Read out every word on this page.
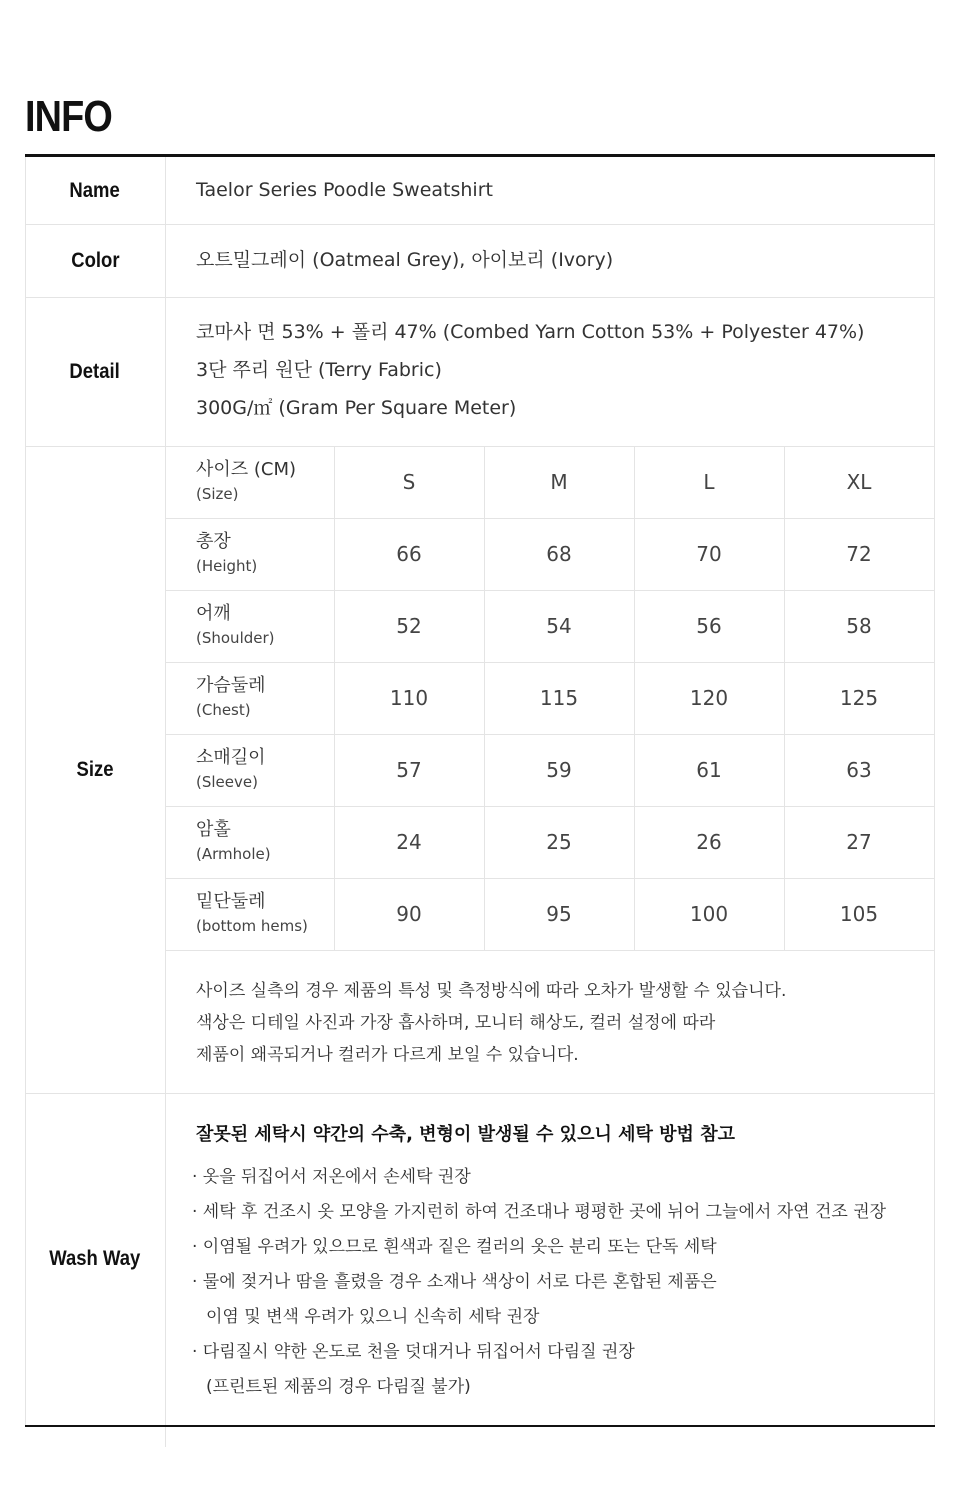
INFO
Name	Taelor Series Poodle Sweatshirt
Color	오트밀그레이 (Oatmeal Grey), 아이보리 (Ivory)
Detail
코마사 면 53% + 폴리 47% (Combed Yarn Cotton 53% + Polyester 47%)
3단 쭈리 원단 (Terry Fabric)
300G/㎡ (Gram Per Square Meter)
Size
사이즈 (CM)
(Size)	S	M	L	XL
총장
(Height)	66	68	70	72
어깨
(Shoulder)	52	54	56	58
가슴둘레
(Chest)	110	115	120	125
소매길이
(Sleeve)	57	59	61	63
암홀
(Armhole)	24	25	26	27
밑단둘레
(bottom hems)	90	95	100	105
사이즈 실측의 경우 제품의 특성 및 측정방식에 따라 오차가 발생할 수 있습니다.
색상은 디테일 사진과 가장 흡사하며, 모니터 해상도, 컬러 설정에 따라
제품이 왜곡되거나 컬러가 다르게 보일 수 있습니다.
Wash Way
잘못된 세탁시 약간의 수축, 변형이 발생될 수 있으니 세탁 방법 참고
· 옷을 뒤집어서 저온에서 손세탁 권장
· 세탁 후 건조시 옷 모양을 가지런히 하여 건조대나 평평한 곳에 뉘어 그늘에서 자연 건조 권장
· 이염될 우려가 있으므로 흰색과 짙은 컬러의 옷은 분리 또는 단독 세탁
· 물에 젖거나 땀을 흘렸을 경우 소재나 색상이 서로 다른 혼합된 제품은
이염 및 변색 우려가 있으니 신속히 세탁 권장
· 다림질시 약한 온도로 천을 덧대거나 뒤집어서 다림질 권장
(프린트된 제품의 경우 다림질 불가)
